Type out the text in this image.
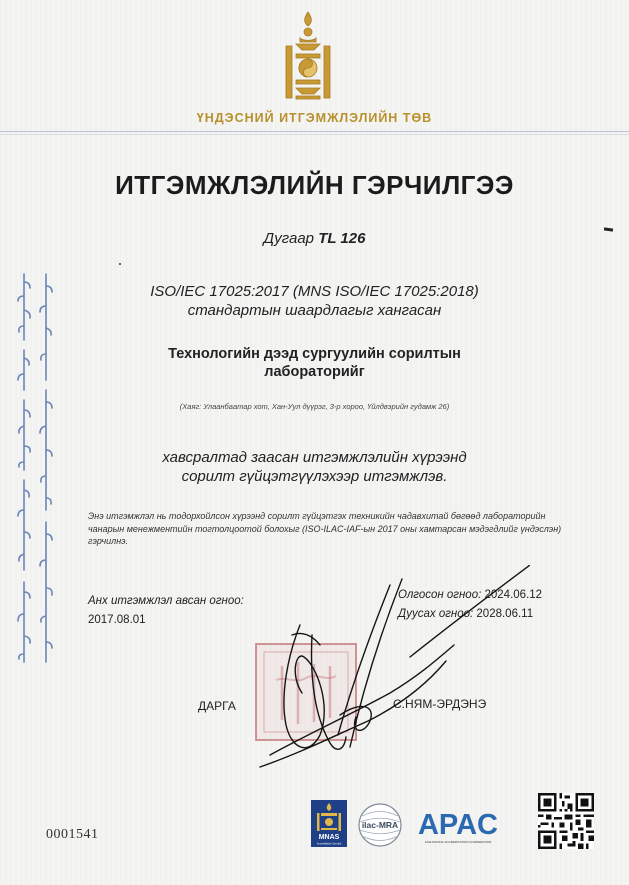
ҮНДЭСНИЙ ИТГЭМЖЛЭЛИЙН ТӨВ
ИТГЭМЖЛЭЛИЙН ГЭРЧИЛГЭЭ
Дугаар TL 126
ISO/IEC 17025:2017 (MNS ISO/IEC 17025:2018)
стандартын шаардлагыг хангасан
Технологийн дээд сургуулийн сорилтын
лабораторийг
(Хаяг: Улаанбаатар хот, Хан-Уул дүүрэг, 3-р хороо, Үйлдвэрийн гудамж 26)
хавсралтад заасан итгэмжлэлийн хүрээнд
сорилт гүйцэтгүүлэхээр итгэмжлэв.
Энэ итгэмжлэл нь тодорхойлсон хүрээнд сорилт гүйцэтгэх техникийн чадавхитай бөгөөд лабораторийн чанарын менежментийн тогтолцоотой болохыг (ISO-ILAC-IAF-ын 2017 оны хамтарсан мэдэгдлийг үндэслэн) гэрчилнэ.
Анх итгэмжлэл авсан огноо:
2017.08.01
Олгосон огноо: 2024.06.12
Дуусах огноо: 2028.06.11
ДАРГА	С.НЯМ-ЭРДЭНЭ
0001541	MNAS
Accreditation Symbol
ilac-MRA APAC
ASIA PACIFIC ACCREDITATION COOPERATION
